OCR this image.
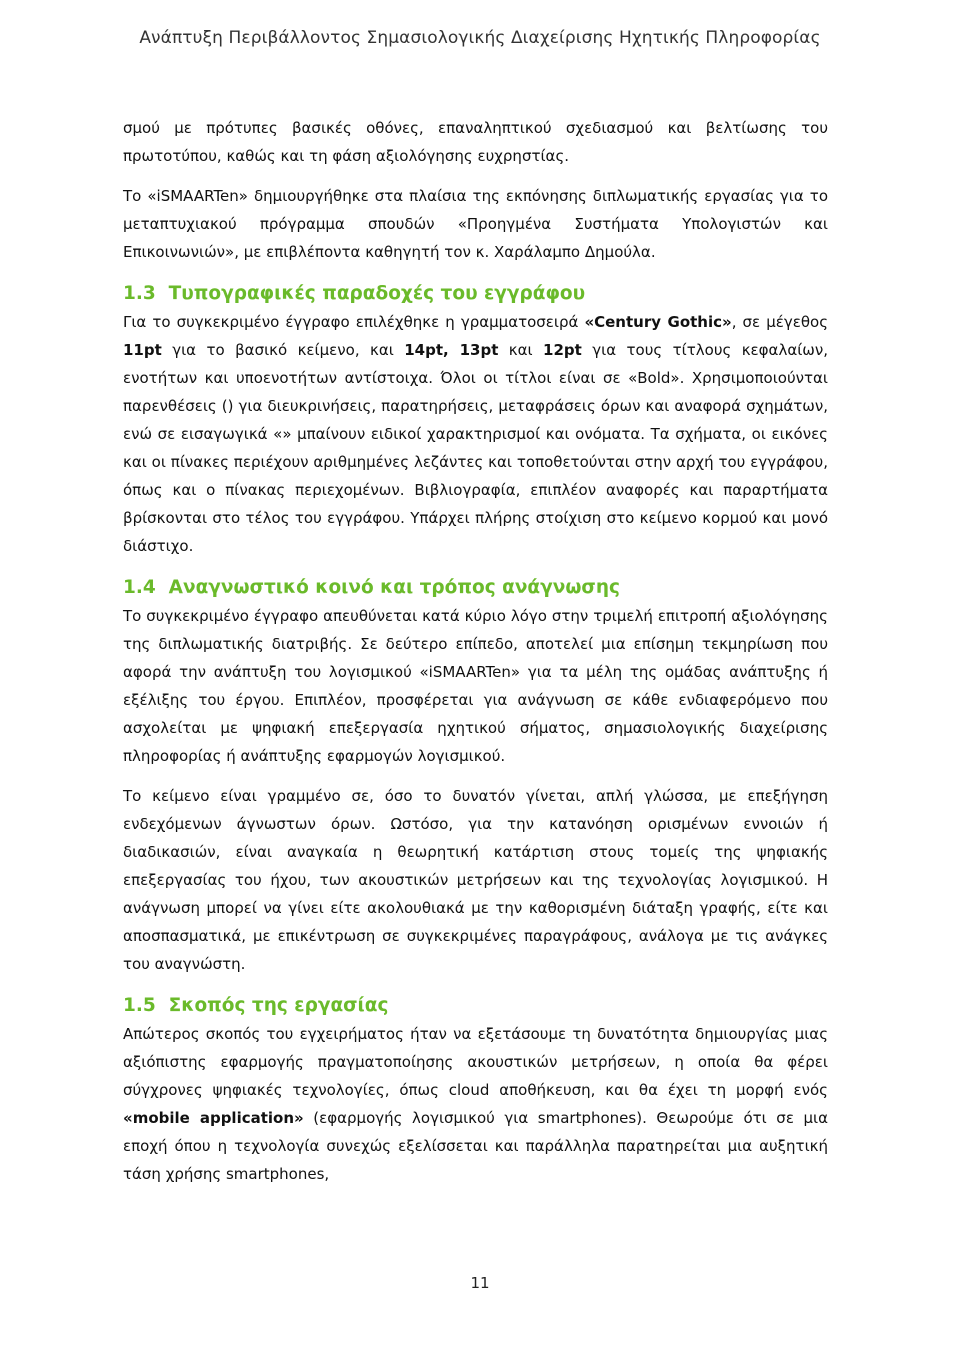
Ανάπτυξη Περιβάλλοντος Σημασιολογικής Διαχείρισης Ηχητικής Πληροφορίας

σμού με πρότυπες βασικές οθόνες, επαναληπτικού σχεδιασμού και βελτίωσης του πρωτοτύπου, καθώς και τη φάση αξιολόγησης ευχρηστίας.

Το «iSMAARTen» δημιουργήθηκε στα πλαίσια της εκπόνησης διπλωματικής εργασίας για το μεταπτυχιακού πρόγραμμα σπουδών «Προηγμένα Συστήματα Υπολογιστών και Επικοινωνιών», με επιβλέποντα καθηγητή τον κ. Χαράλαμπο Δημούλα.

1.3 Τυπογραφικές παραδοχές του εγγράφου

Για το συγκεκριμένο έγγραφο επιλέχθηκε η γραμματοσειρά «Century Gothic», σε μέγεθος 11pt για το βασικό κείμενο, και 14pt, 13pt και 12pt για τους τίτλους κεφαλαίων, ενοτήτων και υποενοτήτων αντίστοιχα. Όλοι οι τίτλοι είναι σε «Bold». Χρησιμοποιούνται παρενθέσεις () για διευκρινήσεις, παρατηρήσεις, μεταφράσεις όρων και αναφορά σχημάτων, ενώ σε εισαγωγικά «» μπαίνουν ειδικοί χαρακτηρισμοί και ονόματα. Τα σχήματα, οι εικόνες και οι πίνακες περιέχουν αριθμημένες λεζάντες και τοποθετούνται στην αρχή του εγγράφου, όπως και ο πίνακας περιεχομένων. Βιβλιογραφία, επιπλέον αναφορές και παραρτήματα βρίσκονται στο τέλος του εγγράφου. Υπάρχει πλήρης στοίχιση στο κείμενο κορμού και μονό διάστιχο.

1.4 Αναγνωστικό κοινό και τρόπος ανάγνωσης

Το συγκεκριμένο έγγραφο απευθύνεται κατά κύριο λόγο στην τριμελή επιτροπή αξιολόγησης της διπλωματικής διατριβής. Σε δεύτερο επίπεδο, αποτελεί μια επίσημη τεκμηρίωση που αφορά την ανάπτυξη του λογισμικού «iSMAARTen» για τα μέλη της ομάδας ανάπτυξης ή εξέλιξης του έργου. Επιπλέον, προσφέρεται για ανάγνωση σε κάθε ενδιαφερόμενο που ασχολείται με ψηφιακή επεξεργασία ηχητικού σήματος, σημασιολογικής διαχείρισης πληροφορίας ή ανάπτυξης εφαρμογών λογισμικού.

Το κείμενο είναι γραμμένο σε, όσο το δυνατόν γίνεται, απλή γλώσσα, με επεξήγηση ενδεχόμενων άγνωστων όρων. Ωστόσο, για την κατανόηση ορισμένων εννοιών ή διαδικασιών, είναι αναγκαία η θεωρητική κατάρτιση στους τομείς της ψηφιακής επεξεργασίας του ήχου, των ακουστικών μετρήσεων και της τεχνολογίας λογισμικού. Η ανάγνωση μπορεί να γίνει είτε ακολουθιακά με την καθορισμένη διάταξη γραφής, είτε και αποσπασματικά, με επικέντρωση σε συγκεκριμένες παραγράφους, ανάλογα με τις ανάγκες του αναγνώστη.

1.5 Σκοπός της εργασίας

Απώτερος σκοπός του εγχειρήματος ήταν να εξετάσουμε τη δυνατότητα δημιουργίας μιας αξιόπιστης εφαρμογής πραγματοποίησης ακουστικών μετρήσεων, η οποία θα φέρει σύγχρονες ψηφιακές τεχνολογίες, όπως cloud αποθήκευση, και θα έχει τη μορφή ενός «mobile application» (εφαρμογής λογισμικού για smartphones). Θεωρούμε ότι σε μια εποχή όπου η τεχνολογία συνεχώς εξελίσσεται και παράλληλα παρατηρείται μια αυξητική τάση χρήσης smartphones,

11
